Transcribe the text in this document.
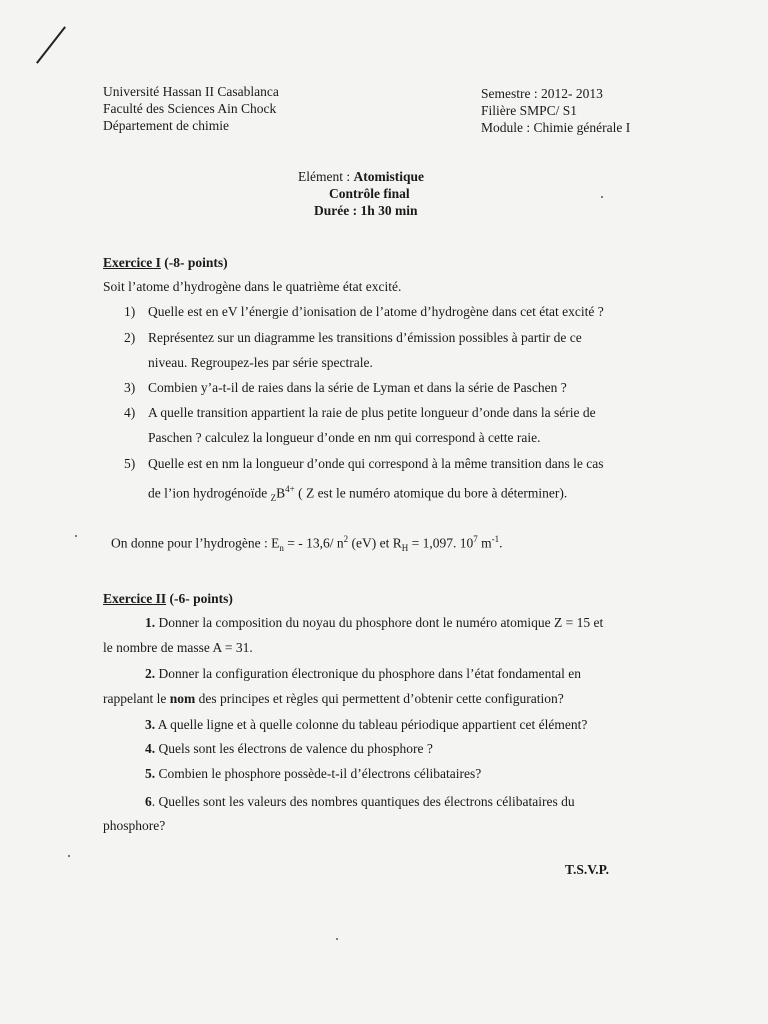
Université Hassan II Casablanca
Faculté des Sciences Ain Chock
Département de chimie
Semestre : 2012- 2013
Filière SMPC/ S1
Module : Chimie générale I
Elément : Atomistique
Contrôle final
Durée : 1h 30 min
Exercice I (-8- points)
Soit l’atome d’hydrogène dans le quatrième état excité.
1) Quelle est en eV l’énergie d’ionisation de l’atome d’hydrogène dans cet état excité ?
2) Représentez sur un diagramme les transitions d’émission possibles à partir de ce
niveau. Regroupez-les par série spectrale.
3) Combien y’a-t-il de raies dans la série de Lyman et dans la série de Paschen ?
4) A quelle transition appartient la raie de plus petite longueur d’onde dans la série de
Paschen ? calculez la longueur d’onde en nm qui correspond à cette raie.
5) Quelle est en nm la longueur d’onde qui correspond à la même transition dans le cas
de l’ion hydrogénoïde $_ZB^{4+}$ ( Z est le numéro atomique du bore à déterminer).
On donne pour l’hydrogène : $E_n$ = - 13,6/ $n^2$ (eV) et $R_H = 1,097$. $10^7$ $m^{-1}$.
Exercice II (-6- points)
1. Donner la composition du noyau du phosphore dont le numéro atomique Z = 15 et
le nombre de masse A = 31.
2. Donner la configuration électronique du phosphore dans l’état fondamental en
rappelant le nom des principes et règles qui permettent d’obtenir cette configuration?
3. A quelle ligne et à quelle colonne du tableau périodique appartient cet élément?
4. Quels sont les électrons de valence du phosphore ?
5. Combien le phosphore possède-t-il d’électrons célibataires?
6. Quelles sont les valeurs des nombres quantiques des électrons célibataires du
phosphore?
T.S.V.P.
